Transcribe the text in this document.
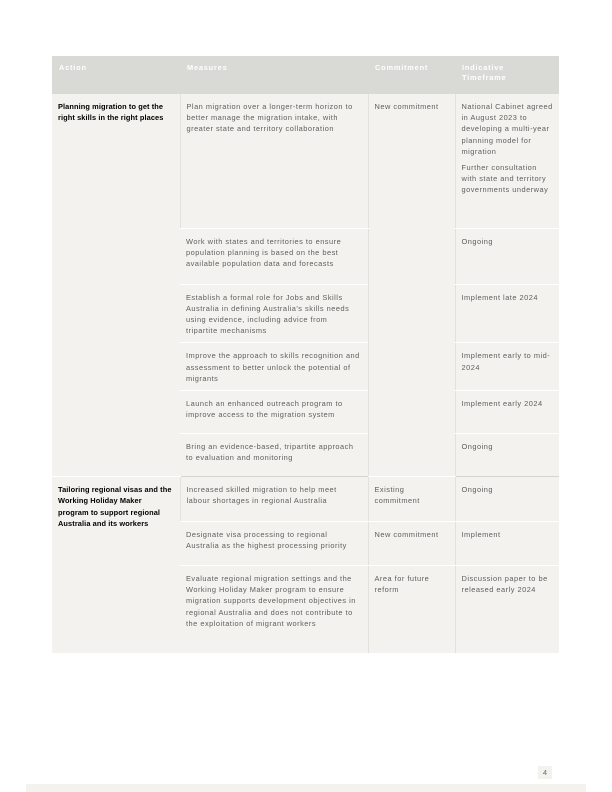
Action	Measures	Commitment	Indicative
Timeframe

Planning migration to get the right skills in the right places	Plan migration over a longer-term horizon to better manage the migration intake, with greater state and territory collaboration	New commitment	National Cabinet agreed in August 2023 to developing a multi-year planning model for migration
Further consultation with state and territory governments underway

	Work with states and territories to ensure population planning is based on the best available population data and forecasts		Ongoing
	Establish a formal role for Jobs and Skills Australia in defining Australia's skills needs using evidence, including advice from tripartite mechanisms		Implement late 2024
	Improve the approach to skills recognition and assessment to better unlock the potential of migrants		Implement early to mid-2024
	Launch an enhanced outreach program to improve access to the migration system		Implement early 2024
	Bring an evidence-based, tripartite approach to evaluation and monitoring		Ongoing
Tailoring regional visas and the Working Holiday Maker program to support regional Australia and its workers	Increased skilled migration to help meet labour shortages in regional Australia	Existing commitment	Ongoing
	Designate visa processing to regional Australia as the highest processing priority	New commitment	Implement
	Evaluate regional migration settings and the Working Holiday Maker program to ensure migration supports development objectives in regional Australia and does not contribute to the exploitation of migrant workers	Area for future reform	Discussion paper to be released early 2024
4
